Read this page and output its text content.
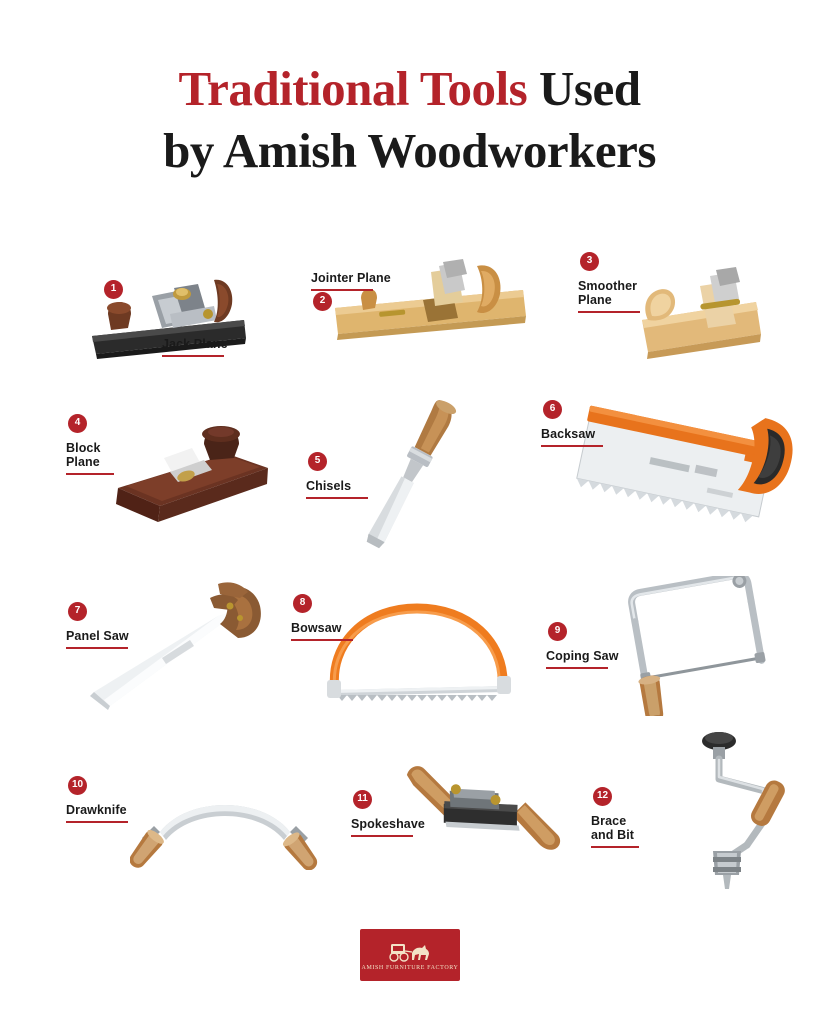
Traditional Tools Used
by Amish Woodworkers
1
Jack Plane
2
Jointer Plane
3
Smoother
Plane
4
Block
Plane	5
Chisels
6
Backsaw
7
Panel Saw
8
Bowsaw	9
Coping Saw
10
Drawknife
11
Spokeshave
12
Brace
and Bit
AMISH FURNITURE FACTORY
